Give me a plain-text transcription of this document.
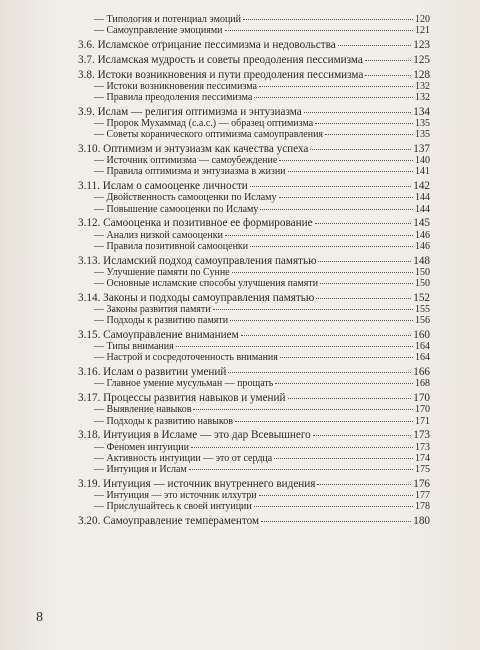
— Типология и потенциал эмоций	120
— Самоуправление эмоциями	121
3.6. Исламское отрицание пессимизма и недовольства	123
3.7. Исламская мудрость и советы преодоления пессимизма	125
3.8. Истоки возникновения и пути преодоления пессимизма	128
— Истоки возникновения пессимизма	132
— Правила преодоления пессимизма	132
3.9. Ислам — религия оптимизма и энтузиазма	134
— Пророк Мухаммад (с.а.с.) — образец оптимизма	135
— Советы коранического оптимизма самоуправления	135
3.10. Оптимизм и энтузиазм как качества успеха	137
— Источник оптимизма — самоубеждение	140
— Правила оптимизма и энтузиазма в жизни	141
3.11. Ислам о самооценке личности	142
— Двойственность самооценки по Исламу	144
— Повышение самооценки по Исламу	144
3.12. Самооценка и позитивное ее формирование	145
— Анализ низкой самооценки	146
— Правила позитивной самооценки	146
3.13. Исламский подход самоуправления памятью	148
— Улучшение памяти по Сунне	150
— Основные исламские способы улучшения памяти	150
3.14. Законы и подходы самоуправления памятью	152
— Законы развития памяти	155
— Подходы к развитию памяти	156
3.15. Самоуправление вниманием	160
— Типы внимания	164
— Настрой и сосредоточенность внимания	164
3.16. Ислам о развитии умений	166
— Главное умение мусульман — прощать	168
3.17. Процессы развития навыков и умений	170
— Выявление навыков	170
— Подходы к развитию навыков	171
3.18. Интуиция в Исламе — это дар Всевышнего	173
— Феномен интуиции	173
— Активность интуиции — это от сердца	174
— Интуиция и Ислам	175
3.19. Интуиция — источник внутреннего видения	176
— Интуиция — это источник илхутри	177
— Прислушайтесь к своей интуиции	178
3.20. Самоуправление темпераментом	180
8
